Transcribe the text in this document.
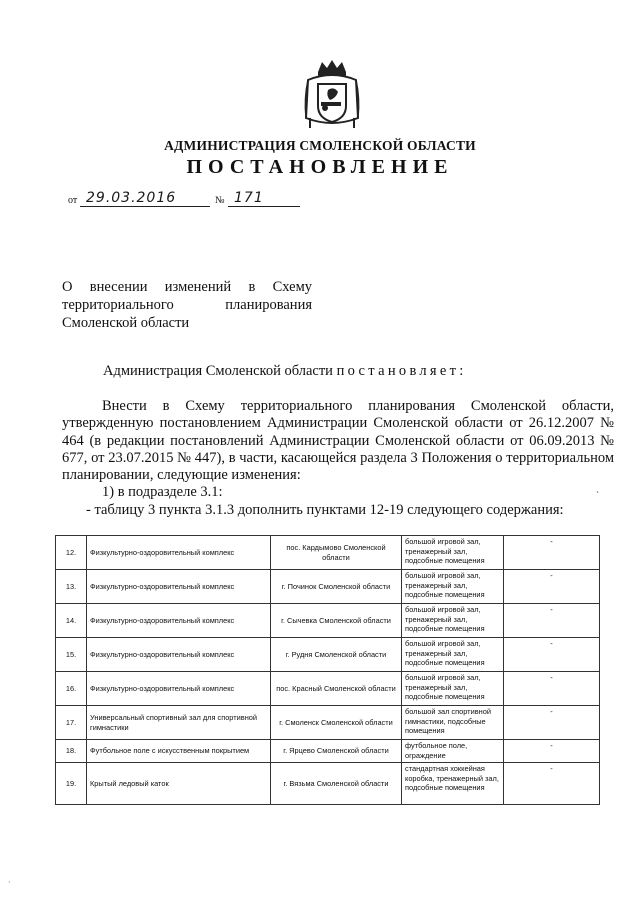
АДМИНИСТРАЦИЯ СМОЛЕНСКОЙ ОБЛАСТИ
ПОСТАНОВЛЕНИЕ
от 29.03.2016	№ 171
О внесении изменений в Схему
территориального	планирования
Смоленской области
Администрация Смоленской области постановляет:

Внести в Схему территориального планирования Смоленской области, утвержденную постановлением Администрации Смоленской области от 26.12.2007 № 464 (в редакции постановлений Администрации Смоленской области от 06.09.2013 № 677, от 23.07.2015 № 447), в части, касающейся раздела 3 Положения о территориальном планировании, следующие изменения:

1) в подразделе 3.1:

- таблицу 3 пункта 3.1.3 дополнить пунктами 12-19 следующего содержания:

`
12.	Физкультурно-оздоровительный комплекс	пос. Кардымово Смоленской области	большой игровой зал, тренажерный зал, подсобные помещения	-
13.	Физкультурно-оздоровительный комплекс	г. Починок Смоленской области	большой игровой зал, тренажерный зал, подсобные помещения	-
14.	Физкультурно-оздоровительный комплекс	г. Сычевка Смоленской области	большой игровой зал, тренажерный зал, подсобные помещения	-
15.	Физкультурно-оздоровительный комплекс	г. Рудня Смоленской области	большой игровой зал, тренажерный зал, подсобные помещения	-
16.	Физкультурно-оздоровительный комплекс	пос. Красный Смоленской области	большой игровой зал, тренажерный зал, подсобные помещения	-
17.	Универсальный спортивный зал для спортивной гимнастики	г. Смоленск Смоленской области	большой зал спортивной гимнастики, подсобные помещения	-
18.	Футбольное поле с искусственным покрытием	г. Ярцево Смоленской области	футбольное поле, ограждение	-
19.	Крытый ледовый каток	г. Вязьма Смоленской области	стандартная хоккейная коробка, тренажерный зал, подсобные помещения	-
·
